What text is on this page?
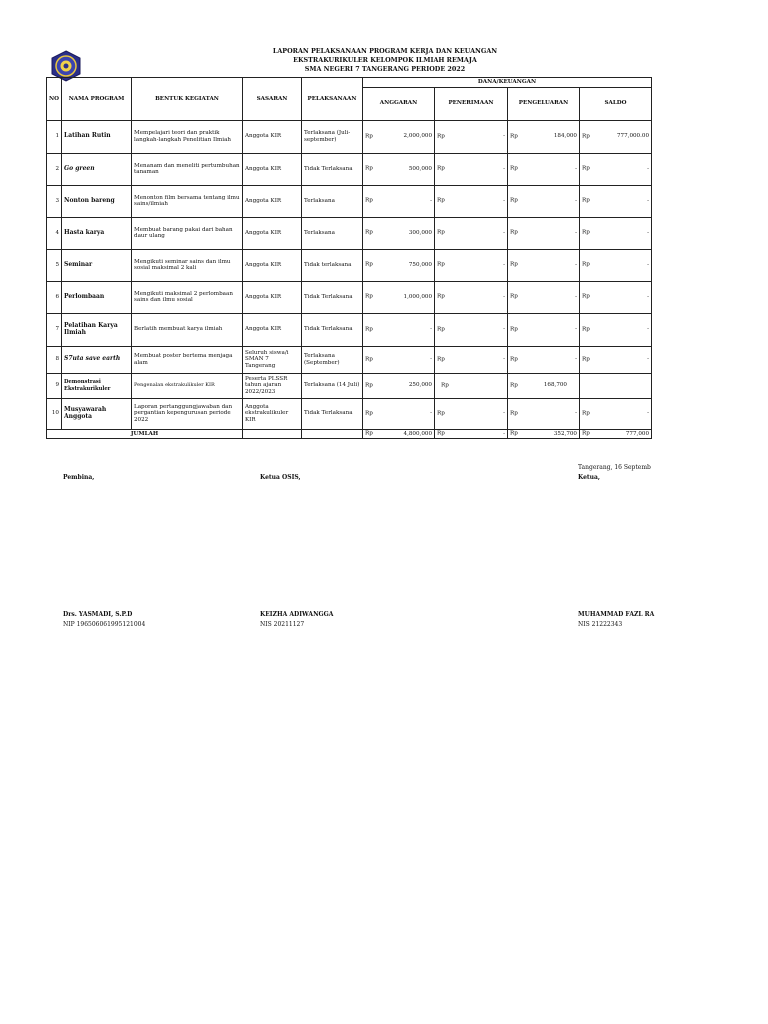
LAPORAN PELAKSANAAN PROGRAM KERJA DAN KEUANGAN
EKSTRAKURIKULER KELOMPOK ILMIAH REMAJA
SMA NEGERI 7 TANGERANG PERIODE 2022
NO	NAMA PROGRAM	BENTUK KEGIATAN	SASARAN	PELAKSANAAN	DANA/KEUANGAN			
					ANGGARAN	PENERIMAAN	PENGELUARAN	SALDO
1	Latihan Rutin	Mempelajari teori dan praktik langkah-langkah Penelitian Ilmiah	Anggota KIR	Terlaksana (Juli-september)	Rp 2,000,000	Rp -	Rp 184,000	Rp 777,000.00

2	Go green	Menanam dan meneliti pertumbuhan tanaman	Anggota KIR	Tidak Terlaksana	Rp 500,000	Rp -	Rp -	Rp -

3	Nonton bareng	Menonton film bersama tentang ilmu sains/ilmiah	Anggota KIR	Terlaksana	Rp -	Rp -	Rp -	Rp -

4	Hasta karya	Membuat barang pakai dari bahan daur ulang	Anggota KIR	Terlaksana	Rp 300,000	Rp -	Rp -	Rp -

5	Seminar	Mengikuti seminar sains dan ilmu sosial maksimal 2 kali	Anggota KIR	Tidak terlaksana	Rp 750,000	Rp -	Rp -	Rp -

6	Perlombaan	Mengikuti maksimal 2 perlombaan sains dan ilmu sosial	Anggota KIR	Tidak Terlaksana	Rp 1,000,000	Rp -	Rp -	Rp -

7	Pelatihan Karya Ilmiah	Berlatih membuat karya ilmiah	Anggota KIR	Tidak Terlaksana	Rp -	Rp -	Rp -	Rp -

8	S7uta save earth	Membuat poster bertema menjaga alam	Seluruh siswa/i SMAN 7 Tangerang	Terlaksana (September)	Rp -	Rp -	Rp -	Rp -

9	Demonstrasi Ekstrakurikuler	Pengenalan ekstrakulikuler KIR	Peserta PLSSR tahun ajaran 2022/2023	Terlaksana (14 Juli)	Rp 250,000	Rp	Rp 168,700	

10	Musyawarah Anggota	Laporan pertanggungjawaban dan pergantian kepengurusan periode 2022	Anggota ekstrakulikuler KIR	Tidak Terlaksana	Rp -	Rp -	Rp -	Rp -

JUMLAH					Rp 4,800,000	Rp -	Rp 352,700	Rp 777,000
Tangerang, 16 Septemb
Pembina,	Ketua OSIS,	Ketua,
Drs. YASMADI, S.P.D
NIP 196506061995121004
KEIZHA ADIWANGGA
NIS 20211127
MUHAMMAD FAZL RA
NIS 21222343
